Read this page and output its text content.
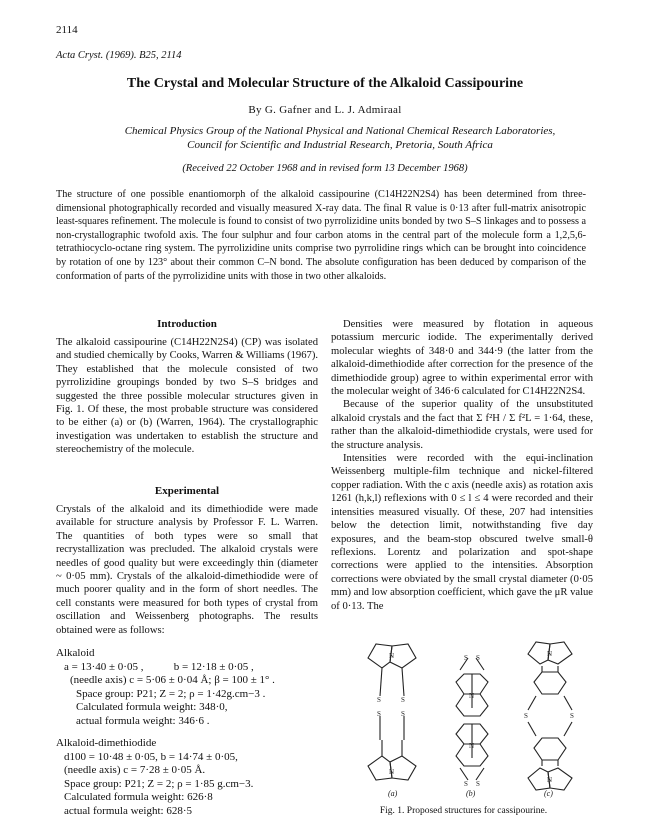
2114
Acta Cryst. (1969). B25, 2114
The Crystal and Molecular Structure of the Alkaloid Cassipourine
By G. Gafner and L. J. Admiraal
Chemical Physics Group of the National Physical and National Chemical Research Laboratories,
Council for Scientific and Industrial Research, Pretoria, South Africa
(Received 22 October 1968 and in revised form 13 December 1968)
The structure of one possible enantiomorph of the alkaloid cassipourine (C14H22N2S4) has been determined from three-dimensional photographically recorded and visually measured X-ray data. The final R value is 0·13 after full-matrix anisotropic least-squares refinement. The molecule is found to consist of two pyrrolizidine units bonded by two S–S linkages and to possess a non-crystallographic twofold axis. The four sulphur and four carbon atoms in the central part of the molecule form a 1,2,5,6-tetrathiocyclo-octane ring system. The pyrrolizidine units comprise two pyrrolidine rings which can be brought into coincidence by rotation of one by 123° about their common C–N bond. The absolute configuration has been deduced by comparison of the conformation of parts of the pyrrolizidine units with those in two other alkaloids.
Introduction

The alkaloid cassipourine (C14H22N2S4) (CP) was isolated and studied chemically by Cooks, Warren & Williams (1967). They established that the molecule consisted of two pyrrolizidine groupings bonded by two S–S bridges and suggested the three possible molecular structures given in Fig. 1. Of these, the most probable structure was considered to be either (a) or (b) (Warren, 1964). The crystallographic investigation was undertaken to establish the structure and stereochemistry of the molecule.

Experimental

Crystals of the alkaloid and its dimethiodide were made available for structure analysis by Professor F. L. Warren. The quantities of both types were so small that recrystallization was precluded. The alkaloid crystals were needles of good quality but were exceedingly thin (diameter ~ 0·05 mm). Crystals of the alkaloid-dimethiodide were of much poorer quality and in the form of short needles. The cell constants were measured for both types of crystal from oscillation and Weissenberg photographs. The results obtained were as follows:

Alkaloid
a = 13·40 ± 0·05 ,           b = 12·18 ± 0·05 ,
(needle axis) c = 5·06 ± 0·04 Å; β = 100 ± 1° .
Space group: P21; Z = 2; ρ = 1·42g.cm−3 .
Calculated formula weight: 348·0,
actual formula weight: 346·6 .
Alkaloid-dimethiodide
d100 = 10·48 ± 0·05, b = 14·74 ± 0·05,
(needle axis) c = 7·28 ± 0·05 Å.
Space group: P21; Z = 2; ρ = 1·85 g.cm−3.
Calculated formula weight: 626·8
actual formula weight: 628·5

Densities were measured by flotation in aqueous potassium mercuric iodide. The experimentally derived molecular wieghts of 348·0 and 344·9 (the latter from the alkaloid-dimethiodide after correction for the presence of the dimethiodide group) agree to within experimental error with the molecular weight of 346·6 calculated for C14H22N2S4.

Because of the superior quality of the unsubstituted alkaloid crystals and the fact that Σ f²H / Σ f²L = 1·64, these, rather than the alkaloid-dimethiodide crystals, were used for the structure analysis.

Intensities were recorded with the equi-inclination Weissenberg multiple-film technique and nickel-filtered copper radiation. With the c axis (needle axis) as rotation axis 1261 (h,k,l) reflexions with 0 ≤ l ≤ 4 were recorded and their intensities measured visually. Of these, 207 had intensities below the detection limit, notwithstanding five day exposures, and the beam-stop obscured twelve small-θ reflexions. Lorentz and polarization and spot-shape corrections were applied to the intensities. Absorption corrections were obviated by the small crystal diameter (0·05 mm) and low absorption coefficient, which gave the μR value of 0·13. The

N
S	S
S	S
N
S S
N
N
S S
N
S	S
N
(a)	(b)	(c)
Fig. 1. Proposed structures for cassipourine.
